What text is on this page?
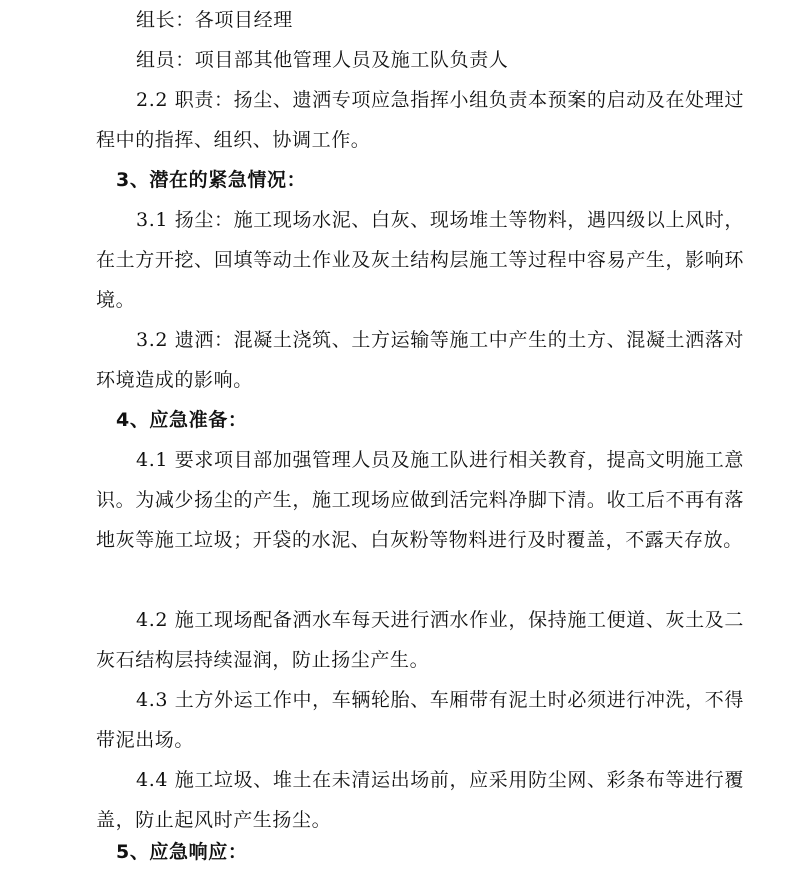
组长：各项目经理

组员：项目部其他管理人员及施工队负责人

2.2 职责：扬尘、遗洒专项应急指挥小组负责本预案的启动及在处理过程中的指挥、组织、协调工作。

3、潜在的紧急情况：

3.1 扬尘：施工现场水泥、白灰、现场堆土等物料，遇四级以上风时，在土方开挖、回填等动土作业及灰土结构层施工等过程中容易产生，影响环境。

3.2 遗洒：混凝土浇筑、土方运输等施工中产生的土方、混凝土洒落对环境造成的影响。

4、应急准备：

4.1 要求项目部加强管理人员及施工队进行相关教育，提高文明施工意识。为减少扬尘的产生，施工现场应做到活完料净脚下清。收工后不再有落地灰等施工垃圾；开袋的水泥、白灰粉等物料进行及时覆盖，不露天存放。

4.2 施工现场配备洒水车每天进行洒水作业，保持施工便道、灰土及二灰石结构层持续湿润，防止扬尘产生。

4.3 土方外运工作中，车辆轮胎、车厢带有泥土时必须进行冲洗，不得带泥出场。

4.4 施工垃圾、堆土在未清运出场前，应采用防尘网、彩条布等进行覆盖，防止起风时产生扬尘。

5、应急响应：
